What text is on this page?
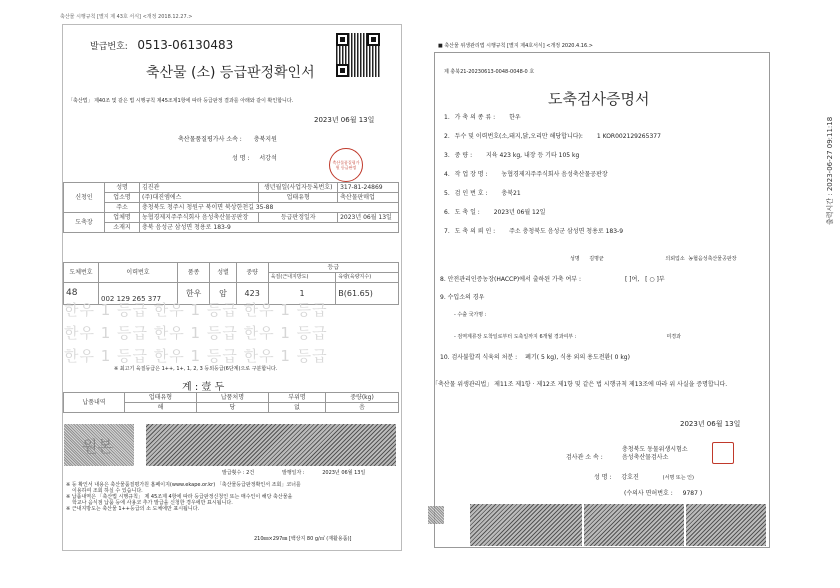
축산물 시행규칙 [별지 제 43호 서식] <개정 2018.12.27.>
발급번호: 0513-06130483
축산물 (소) 등급판정확인서
「축산법」 제40조 및 같은 법 시행규칙 제45조제1항에 따라 등급판정 결과를 아래와 같이 확인합니다.
2023년 06월 13일
축산물품질평가사 소속 : 충북지원
성 명 : 서강석
축산물품질평가원 등급판정
신청인	성명	김진관	생년월일(사업자등록번호)	317-81-24869
	업소명	(주)대진엠에스	업태유형	축산물판매업
	주소	충청북도 청주시 청원구 북이면 북상한천길 35-88		
도축장	업체명	농협경제지주주식회사 음성축산물공판장	등급판정일자	2023년 06월 13일
	소재지	충북 음성군 삼성면 청용로 183-9		
도체번호	이력번호	품종	성별	중량	등급	
					육질(근내지방도)	육량(육량지수)
48	002 129 265 377	한우	암	423	1	B(61.65)
한우 1 등급 한우 1 등급 한우 1 등급
한우 1 등급 한우 1 등급 한우 1 등급
한우 1 등급 한우 1 등급 한우 1 등급
※ 최고기 육질등급은 1++, 1+, 1, 2, 3 등외등급(6단계)으로 구분합니다.
계 : 壹 두
납품내역	업태유형	납품처명	부위명	중량(kg)
	해	당	없	음
원본
발급횟수 : 2건	발행일자 :	2023년 06월 13일
※ 등 확인서 내용은 축산물품질평가원 홈페이지(www.ekape.or.kr) 「축산물등급판정확인서 조회」코너를
이용하여 조회 하실 수 있습니다.
※ 납품내역은 「축산법 시행규칙」 제 45조제 4항에 따라 등급판정신청인 또는 매수인이 해당 축산물을
학교나 음식점 납품 등에 사용코 추가 발급을 신청한 경우에만 표시됩니다.
※ 근내지방도는 축산물 1++등급의 소 도체에만 표시됩니다.
210㎜×297㎜ [백상지 80 g/㎡ (재활용품)]
■ 축산물 위생관리법 시행규칙 [별지 제4호서식] <개정 2020.4.16.>
제 충북21-20230613-0048-0048-0 호
도축검사증명서
1. 가 축 의 종 류 : 한우
2. 두수 및 이력번호(소,돼지,닭,오리만 해당합니다): 1 KOR002129265377
3. 중 량 : 지육 423 kg, 내장 등 기타 105 kg
4. 작 업 장 명 : 농협경제지주주식회사 음성축산물공판장
5. 검 인 번 호 : 충북21
6. 도 축 일 : 2023년 06월 12일
7. 도 축 의 뢰 인 : 주소 충청북도 음성군 삼성면 청용로 183-9
성명 김명균	의뢰업소 농협음성축산물공판장
8. 안전관리인증농장(HACCP)에서 출하된 가축 여부 :	[ ]여, [ ○ ]부
9. 수입소의 경우
- 수출 국가명 :
- 검역계류장 도착일로부터 도축일까지 6개월 경과여부 :	미경과
10. 검사불합격 식육의 처분 : 폐기( 5 kg), 식용 외의 용도전환( 0 kg)
「축산물 위생관리법」 제11조 제1항 · 제12조 제1항 및 같은 법 시행규칙 제13조에 따라 위 사실을 증명합니다.
2023년 06월 13일
검사관 소 속 :
충청북도 동물위생시험소
음성축산물검사소
성 명 : 강호진	(서명 또는 인)
(수의사 면허번호 : 9787 )
출력시간 : 2023-06-27 09:11:18
